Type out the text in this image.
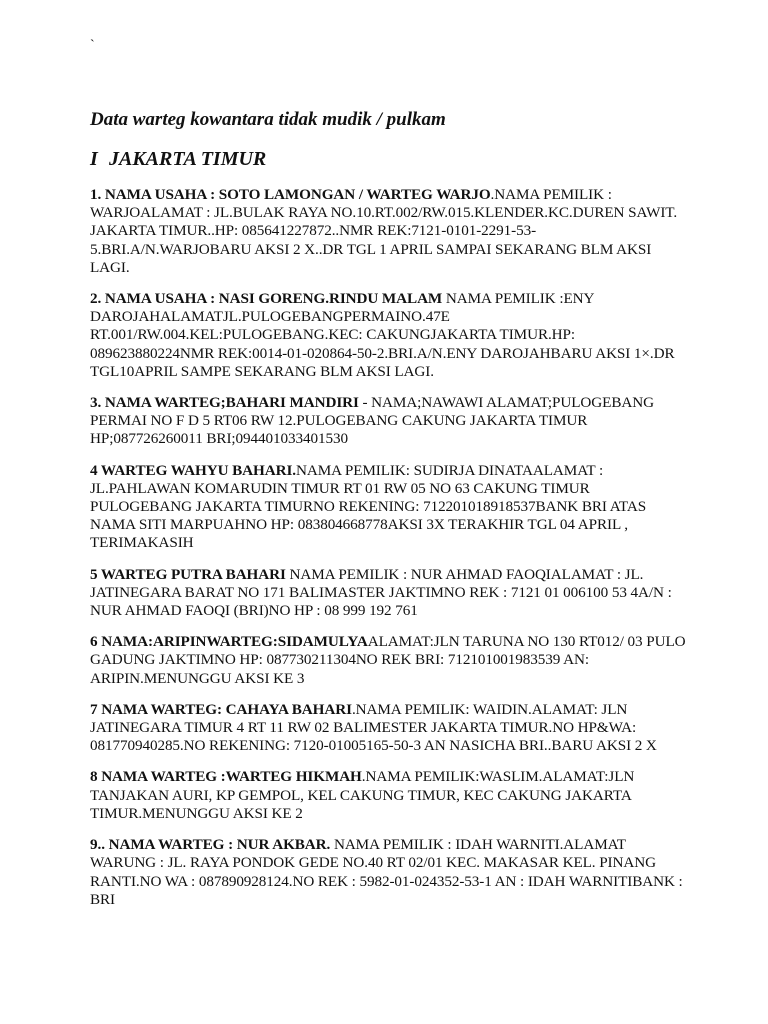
`
Data warteg kowantara tidak mudik / pulkam
I JAKARTA TIMUR

1. NAMA USAHA : SOTO LAMONGAN / WARTEG WARJO.NAMA PEMILIK : WARJOALAMAT : JL.BULAK RAYA NO.10.RT.002/RW.015.KLENDER.KC.DUREN SAWIT. JAKARTA TIMUR..HP: 085641227872..NMR REK:7121-0101-2291-53-5.BRI.A/N.WARJOBARU AKSI 2 X..DR TGL 1 APRIL SAMPAI SEKARANG BLM AKSI LAGI.

2. NAMA USAHA : NASI GORENG.RINDU MALAM NAMA PEMILIK :ENY DAROJAHALAMATJL.PULOGEBANGPERMAINO.47E RT.001/RW.004.KEL:PULOGEBANG.KEC: CAKUNGJAKARTA TIMUR.HP: 089623880224NMR REK:0014-01-020864-50-2.BRI.A/N.ENY DAROJAHBARU AKSI 1×.DR TGL10APRIL SAMPE SEKARANG BLM AKSI LAGI.

3. NAMA WARTEG;BAHARI MANDIRI - NAMA;NAWAWI ALAMAT;PULOGEBANG PERMAI NO F D 5 RT06 RW 12.PULOGEBANG CAKUNG JAKARTA TIMUR HP;087726260011 BRI;094401033401530

4 WARTEG WAHYU BAHARI.NAMA PEMILIK: SUDIRJA DINATAALAMAT : JL.PAHLAWAN KOMARUDIN TIMUR RT 01 RW 05 NO 63 CAKUNG TIMUR PULOGEBANG JAKARTA TIMURNO REKENING: 712201018918537BANK BRI ATAS NAMA SITI MARPUAHNO HP: 083804668778AKSI 3X TERAKHIR TGL 04 APRIL , TERIMAKASIH

5 WARTEG PUTRA BAHARI NAMA PEMILIK : NUR AHMAD FAOQIALAMAT : JL. JATINEGARA BARAT NO 171 BALIMASTER JAKTIMNO REK : 7121 01 006100 53 4A/N : NUR AHMAD FAOQI (BRI)NO HP : 08 999 192 761

6 NAMA:ARIPINWARTEG:SIDAMULYAALAMAT:JLN TARUNA NO 130 RT012/ 03 PULO GADUNG JAKTIMNO HP: 087730211304NO REK BRI: 712101001983539 AN: ARIPIN.MENUNGGU AKSI KE 3

7 NAMA WARTEG: CAHAYA BAHARI.NAMA PEMILIK: WAIDIN.ALAMAT: JLN JATINEGARA TIMUR 4 RT 11 RW 02 BALIMESTER JAKARTA TIMUR.NO HP&WA: 081770940285.NO REKENING: 7120-01005165-50-3 AN NASICHA BRI..BARU AKSI 2 X

8 NAMA WARTEG :WARTEG HIKMAH.NAMA PEMILIK:WASLIM.ALAMAT:JLN TANJAKAN AURI, KP GEMPOL, KEL CAKUNG TIMUR, KEC CAKUNG JAKARTA TIMUR.MENUNGGU AKSI KE 2

9.. NAMA WARTEG : NUR AKBAR. NAMA PEMILIK : IDAH WARNITI.ALAMAT WARUNG : JL. RAYA PONDOK GEDE NO.40 RT 02/01 KEC. MAKASAR KEL. PINANG RANTI.NO WA : 087890928124.NO REK : 5982-01-024352-53-1 AN : IDAH WARNITIBANK : BRI
